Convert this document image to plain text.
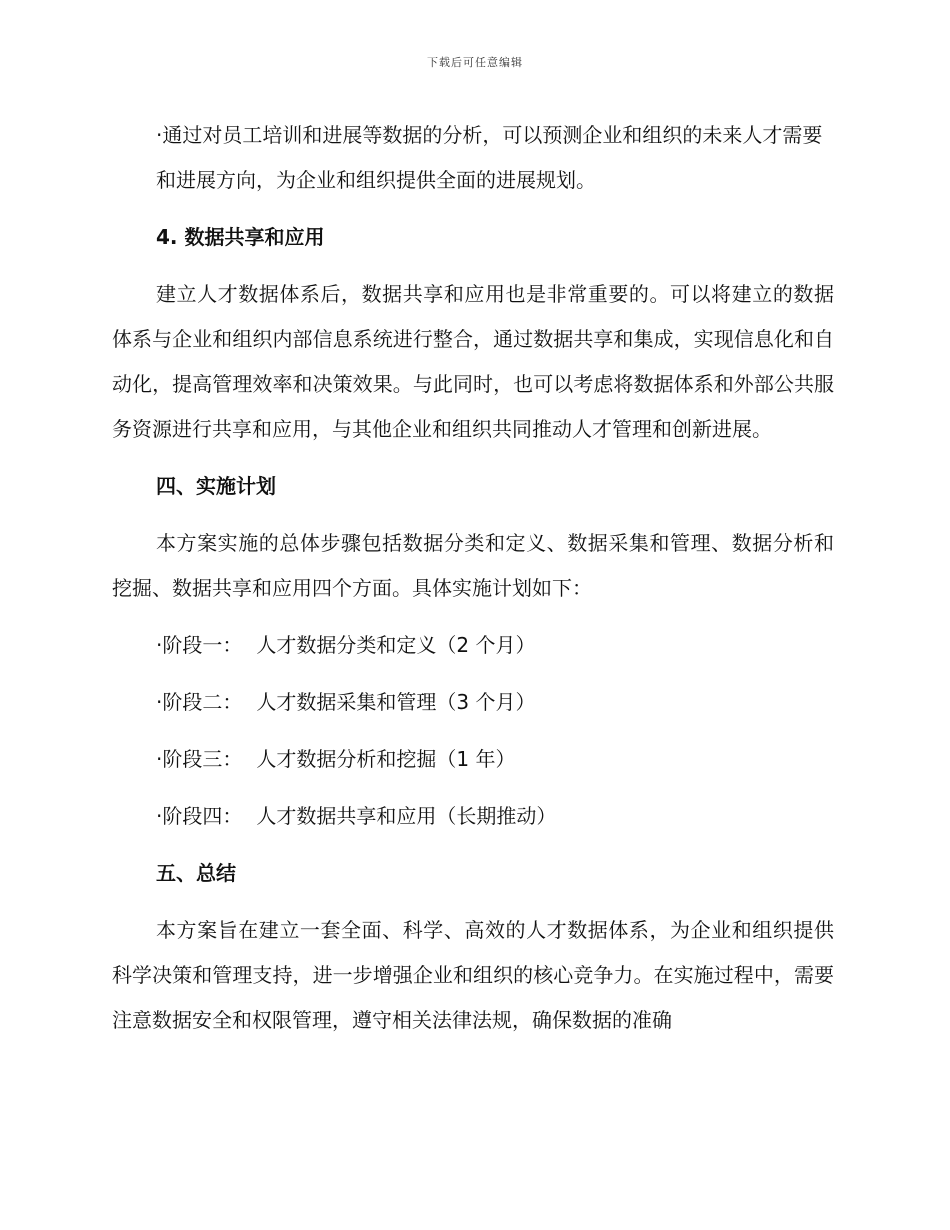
下载后可任意编辑

·通过对员工培训和进展等数据的分析，可以预测企业和组织的未来人才需要和进展方向，为企业和组织提供全面的进展规划。

4. 数据共享和应用

建立人才数据体系后，数据共享和应用也是非常重要的。可以将建立的数据体系与企业和组织内部信息系统进行整合，通过数据共享和集成，实现信息化和自动化，提高管理效率和决策效果。与此同时，也可以考虑将数据体系和外部公共服务资源进行共享和应用，与其他企业和组织共同推动人才管理和创新进展。

四、实施计划

本方案实施的总体步骤包括数据分类和定义、数据采集和管理、数据分析和挖掘、数据共享和应用四个方面。具体实施计划如下：

·阶段一： 人才数据分类和定义（2 个月）
·阶段二： 人才数据采集和管理（3 个月）
·阶段三： 人才数据分析和挖掘（1 年）
·阶段四： 人才数据共享和应用（长期推动）
五、总结

本方案旨在建立一套全面、科学、高效的人才数据体系，为企业和组织提供科学决策和管理支持，进一步增强企业和组织的核心竞争力。在实施过程中，需要注意数据安全和权限管理，遵守相关法律法规，确保数据的准确
